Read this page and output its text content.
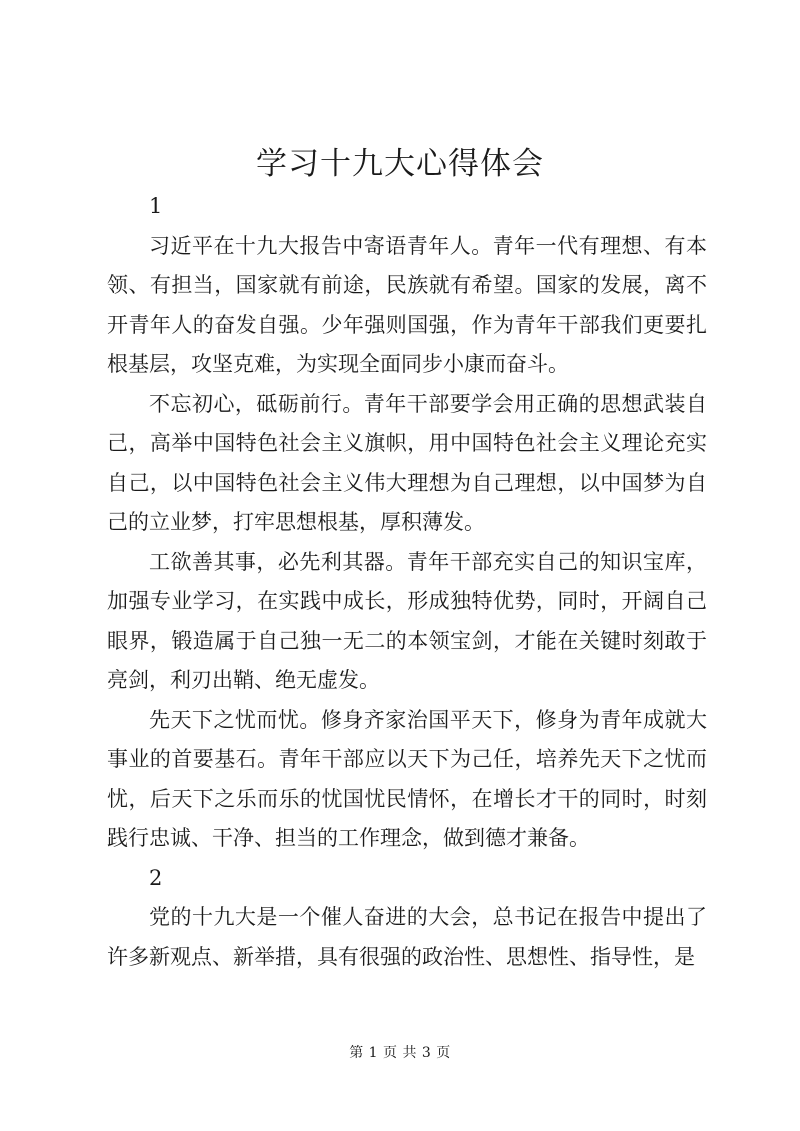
学习十九大心得体会

1

习近平在十九大报告中寄语青年人。青年一代有理想、有本领、有担当，国家就有前途，民族就有希望。国家的发展，离不开青年人的奋发自强。少年强则国强，作为青年干部我们更要扎根基层，攻坚克难，为实现全面同步小康而奋斗。

不忘初心，砥砺前行。青年干部要学会用正确的思想武装自己，高举中国特色社会主义旗帜，用中国特色社会主义理论充实自己，以中国特色社会主义伟大理想为自己理想，以中国梦为自己的立业梦，打牢思想根基，厚积薄发。

工欲善其事，必先利其器。青年干部充实自己的知识宝库，加强专业学习，在实践中成长，形成独特优势，同时，开阔自己眼界，锻造属于自己独一无二的本领宝剑，才能在关键时刻敢于亮剑，利刃出鞘、绝无虚发。

先天下之忧而忧。修身齐家治国平天下，修身为青年成就大事业的首要基石。青年干部应以天下为己任，培养先天下之忧而忧，后天下之乐而乐的忧国忧民情怀，在增长才干的同时，时刻践行忠诚、干净、担当的工作理念，做到德才兼备。

2

党的十九大是一个催人奋进的大会，总书记在报告中提出了许多新观点、新举措，具有很强的政治性、思想性、指导性，是

第 1 页 共 3 页
